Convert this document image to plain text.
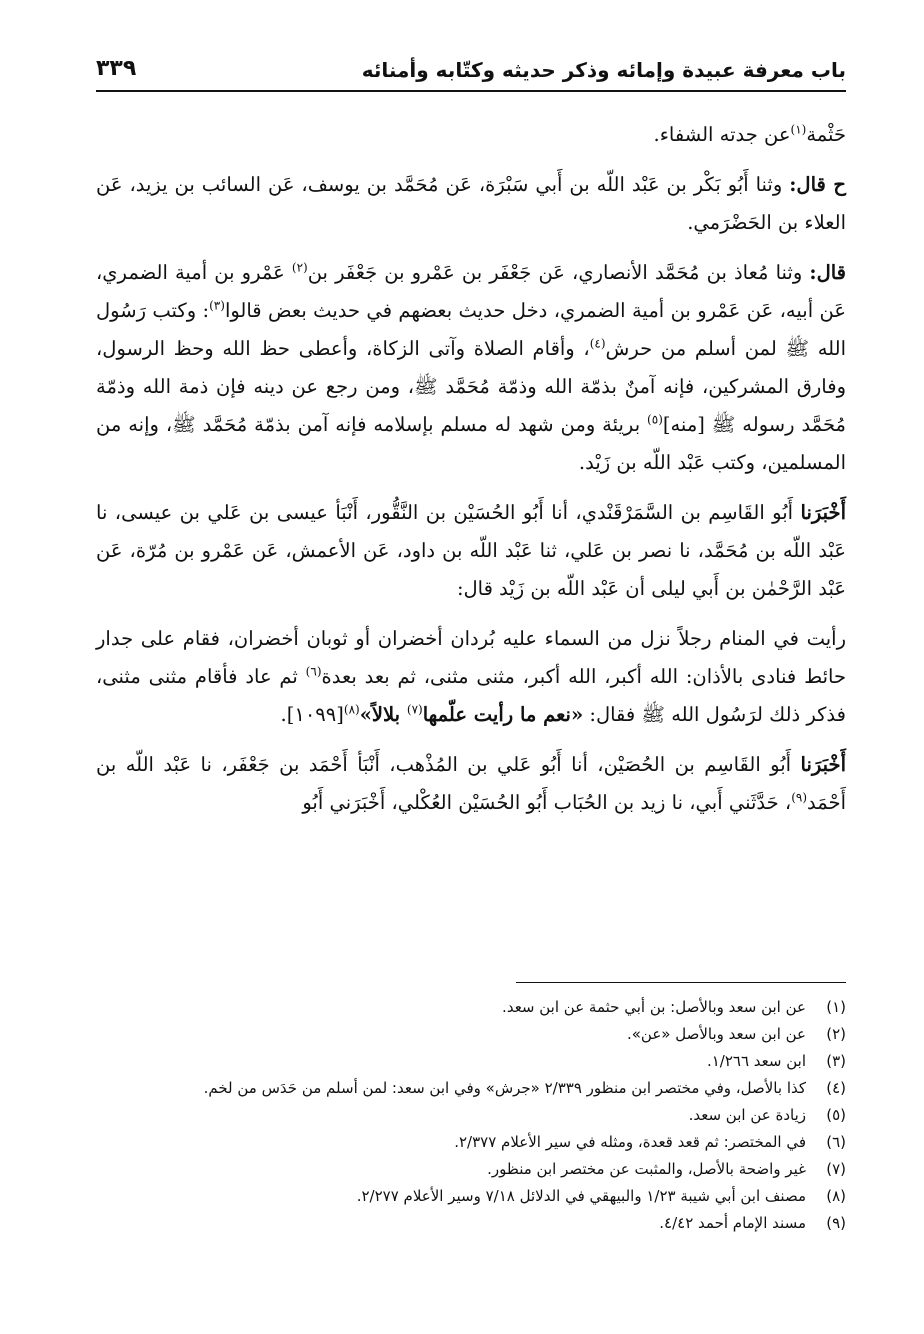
باب معرفة عبيدة وإمائه وذكر حديثه وكتّابه وأمنائه
٣٣٩

حَثْمة$^{(١)}$عن جدته الشفاء.

ح قال: وثنا أَبُو بَكْر بن عَبْد اللّه بن أَبي سَبْرَة، عَن مُحَمَّد بن يوسف، عَن السائب بن يزيد، عَن العلاء بن الحَضْرَمي.

قال: وثنا مُعاذ بن مُحَمَّد الأنصاري، عَن جَعْفَر بن عَمْرو بن جَعْفَر بن$^{(٢)}$ عَمْرو بن أمية الضمري، عَن أبيه، عَن عَمْرو بن أمية الضمري، دخل حديث بعضهم في حديث بعض قالوا$^{(٣)}$: وكتب رَسُول الله ﷺ لمن أسلم من حرش$^{(٤)}$، وأقام الصلاة وآتى الزكاة، وأعطى حظ الله وحظ الرسول، وفارق المشركين، فإنه آمنٌ بذمّة الله وذمّة مُحَمَّد ﷺ، ومن رجع عن دينه فإن ذمة الله وذمّة مُحَمَّد رسوله ﷺ [منه]$^{(٥)}$ بريئة ومن شهد له مسلم بإسلامه فإنه آمن بذمّة مُحَمَّد ﷺ، وإنه من المسلمين، وكتب عَبْد اللّه بن زَيْد.

أَخْبَرَنا أَبُو القَاسِم بن السَّمَرْقَنْدي، أنا أَبُو الحُسَيْن بن النَّقُّور، أَنْبَأ عيسى بن عَلي بن عيسى، نا عَبْد اللّه بن مُحَمَّد، نا نصر بن عَلي، ثنا عَبْد اللّه بن داود، عَن الأعمش، عَن عَمْرو بن مُرّة، عَن عَبْد الرَّحْمٰن بن أَبي ليلى أن عَبْد اللّه بن زَيْد قال:

رأيت في المنام رجلاً نزل من السماء عليه بُردان أخضران أو ثوبان أخضران، فقام على جدار حائط فنادى بالأذان: الله أكبر، الله أكبر، مثنى مثنى، ثم بعد بعدة$^{(٦)}$ ثم عاد فأقام مثنى مثنى، فذكر ذلك لرَسُول الله ﷺ فقال: «نعم ما رأيت علّمها$^{(٧)}$ بلالاً»$^{(٨)}$[١٠٩٩].

أَخْبَرَنا أَبُو القَاسِم بن الحُصَيْن، أنا أَبُو عَلي بن المُذْهب، أَنْبَأ أَحْمَد بن جَعْفَر، نا عَبْد اللّه بن أَحْمَد$^{(٩)}$، حَدَّثَني أَبي، نا زيد بن الحُبَاب أَبُو الحُسَيْن العُكْلي، أَخْبَرَني أَبُو

(١)
عن ابن سعد وبالأصل: بن أبي حثمة عن ابن سعد.
(٢)
عن ابن سعد وبالأصل «عن».
(٣)
ابن سعد ١/٢٦٦.
(٤)
كذا بالأصل، وفي مختصر ابن منظور ٢/٣٣٩ «جرش» وفي ابن سعد: لمن أسلم من حَدَس من لخم.
(٥)
زيادة عن ابن سعد.
(٦)
في المختصر: ثم قعد قعدة، ومثله في سير الأعلام ٢/٣٧٧.
(٧)
غير واضحة بالأصل، والمثبت عن مختصر ابن منظور.
(٨)
مصنف ابن أبي شيبة ١/٢٣ والبيهقي في الدلائل ٧/١٨ وسير الأعلام ٢/٢٧٧.
(٩)
مسند الإمام أحمد ٤/٤٢.
